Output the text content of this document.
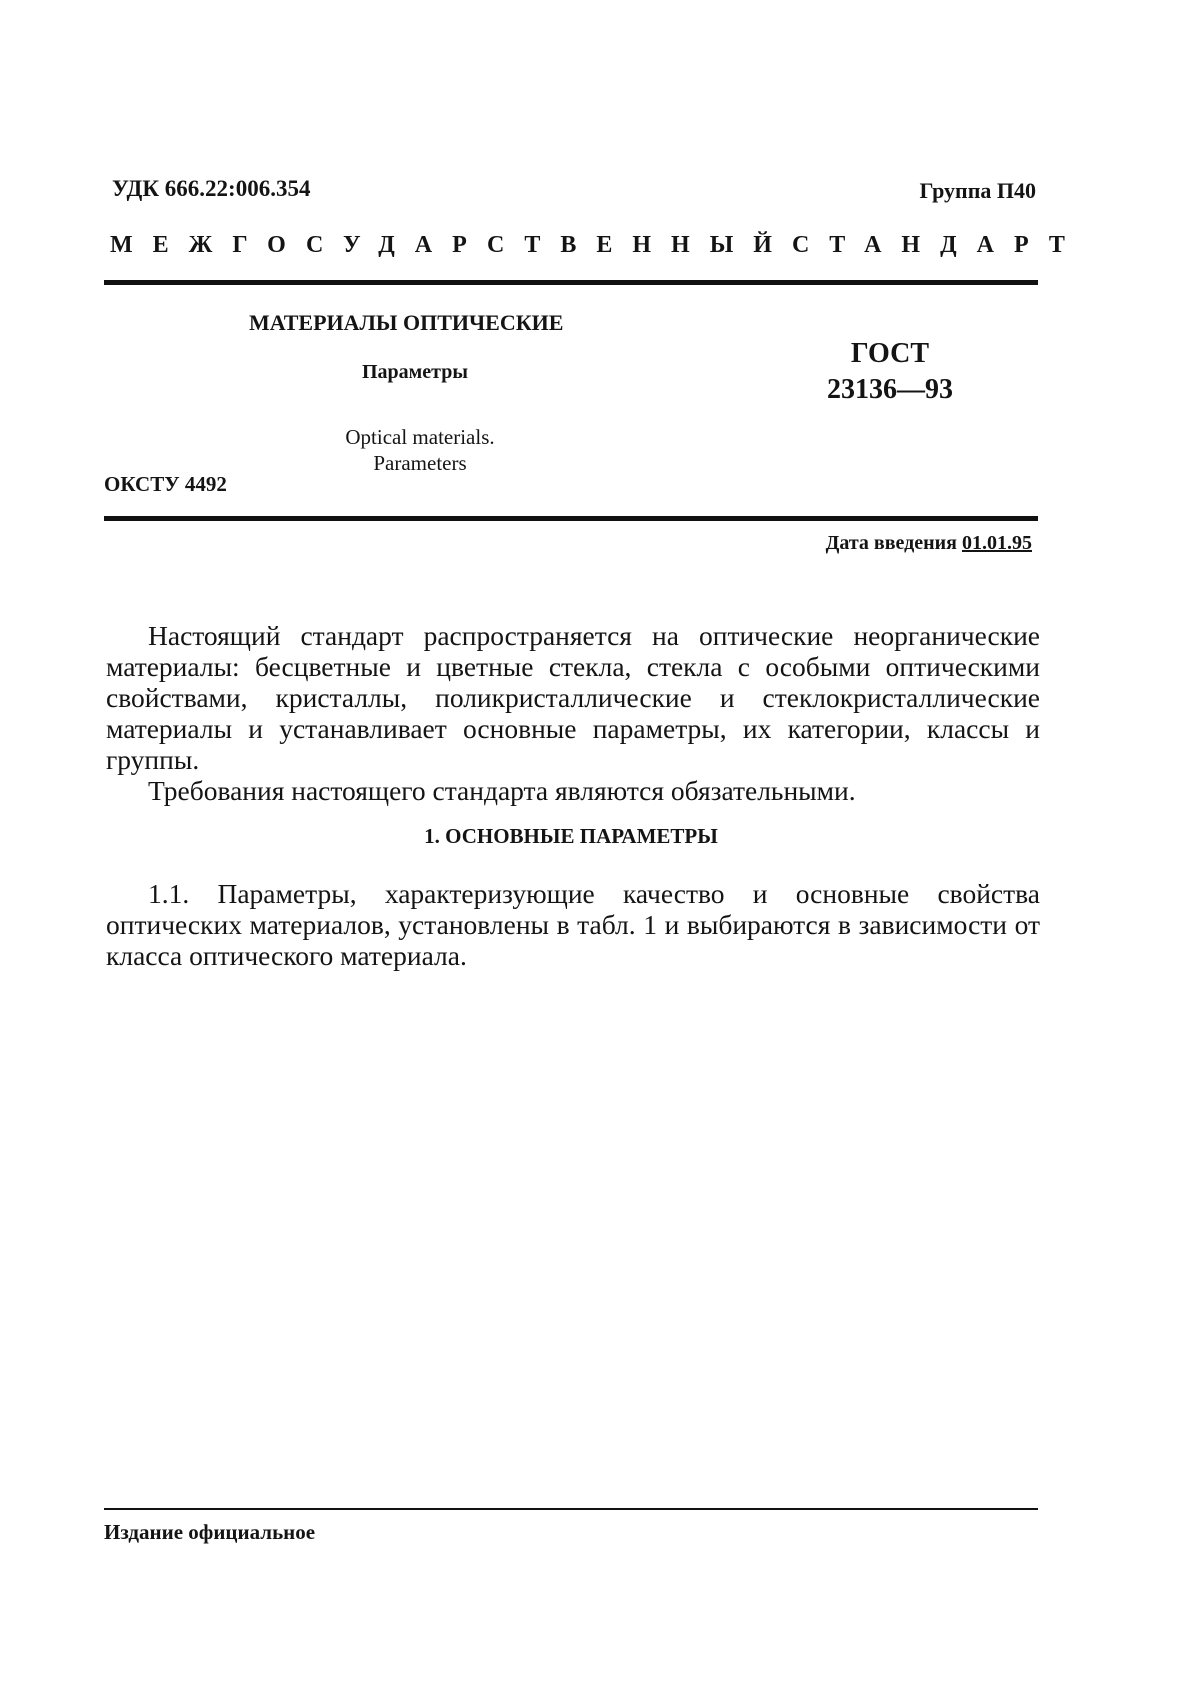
УДК 666.22:006.354	Группа П40
МЕЖГОСУДАРСТВЕННЫЙ СТАНДАРТ
МАТЕРИАЛЫ ОПТИЧЕСКИЕ
Параметры
ГОСТ
23136—93
Optical materials.
Parameters
ОКСТУ 4492
Дата введения 01.01.95

Настоящий стандарт распространяется на оптические неорганические материалы: бесцветные и цветные стекла, стекла с особыми оптическими свойствами, кристаллы, поликристаллические и стеклокристаллические материалы и устанавливает основные параметры, их категории, классы и группы.

Требования настоящего стандарта являются обязательными.

1. ОСНОВНЫЕ ПАРАМЕТРЫ

1.1. Параметры, характеризующие качество и основные свойства оптических материалов, установлены в табл. 1 и выбираются в зависимости от класса оптического материала.

Издание официальное
